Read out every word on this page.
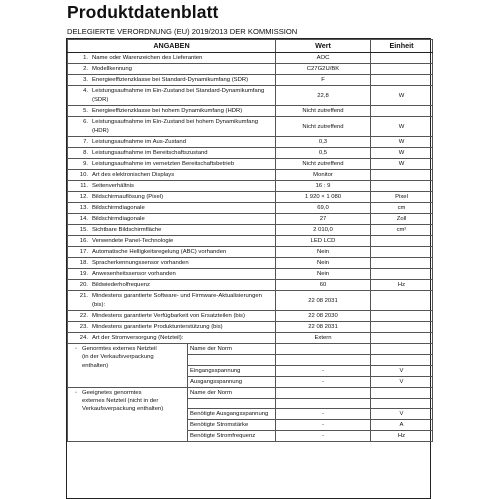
Produktdatenblatt
DELEGIERTE VERORDNUNG (EU) 2019/2013 DER KOMMISSION
ANGABEN		Wert	Einheit
1. Name oder Warenzeichen des Lieferanten		AOC	
2. Modellkennung		C27G2U/BK	
3. Energieeffizienzklasse bei Standard-Dynamikumfang (SDR)		F	
4. Leistungsaufnahme im Ein-Zustand bei Standard-Dynamikumfang
(SDR)		22,8	W
5. Energieeffizienzklasse bei hohem Dynamikumfang (HDR)		Nicht zutreffend	
6. Leistungsaufnahme im Ein-Zustand bei hohem Dynamikumfang
(HDR)		Nicht zutreffend	W
7. Leistungsaufnahme im Aus-Zustand		0,3	W
8. Leistungsaufnahme im Bereitschaftszustand		0,5	W
9. Leistungsaufnahme im vernetzten Bereitschaftsbetrieb		Nicht zutreffend	W
10. Art des elektronischen Displays		Monitor	
11. Seitenverhältnis		16 : 9	
12. Bildschirmauflösung (Pixel)		1 920 × 1 080	Pixel
13. Bildschirmdiagonale		69,0	cm
14. Bildschirmdiagonale		27	Zoll
15. Sichtbare Bildschirmfläche		2 010,0	cm²
16. Verwendete Panel-Technologie		LED LCD	
17. Automatische Helligkeitsregelung (ABC) vorhanden		Nein	
18. Spracherkennungssensor vorhanden		Nein	
19. Anwesenheitssensor vorhanden		Nein	
20. Bildwiederholfrequenz		60	Hz
21. Mindestens garantierte Software- und Firmware-Aktualisierungen
(bis):		22 08 2031	
22. Mindestens garantierte Verfügbarkeit von Ersatzteilen (bis)		22 08 2030	
23. Mindestens garantierte Produktunterstützung (bis)		22 08 2031	
24. Art der Stromversorgung (Netzteil):		Extern	
▫ Genormtes externes Netzteil
(in der Verkaufsverpackung
enthalten)	Name der Norm		

	Eingangsspannung	-	V
	Ausgangsspannung	-	V
▫ Geeignetes genormtes
externes Netzteil (nicht in der
Verkaufsverpackung enthalten)	Name der Norm		

	Benötigte Ausgangsspannung	-	V
	Benötigte Stromstärke	-	A
	Benötigte Stromfrequenz	-	Hz
